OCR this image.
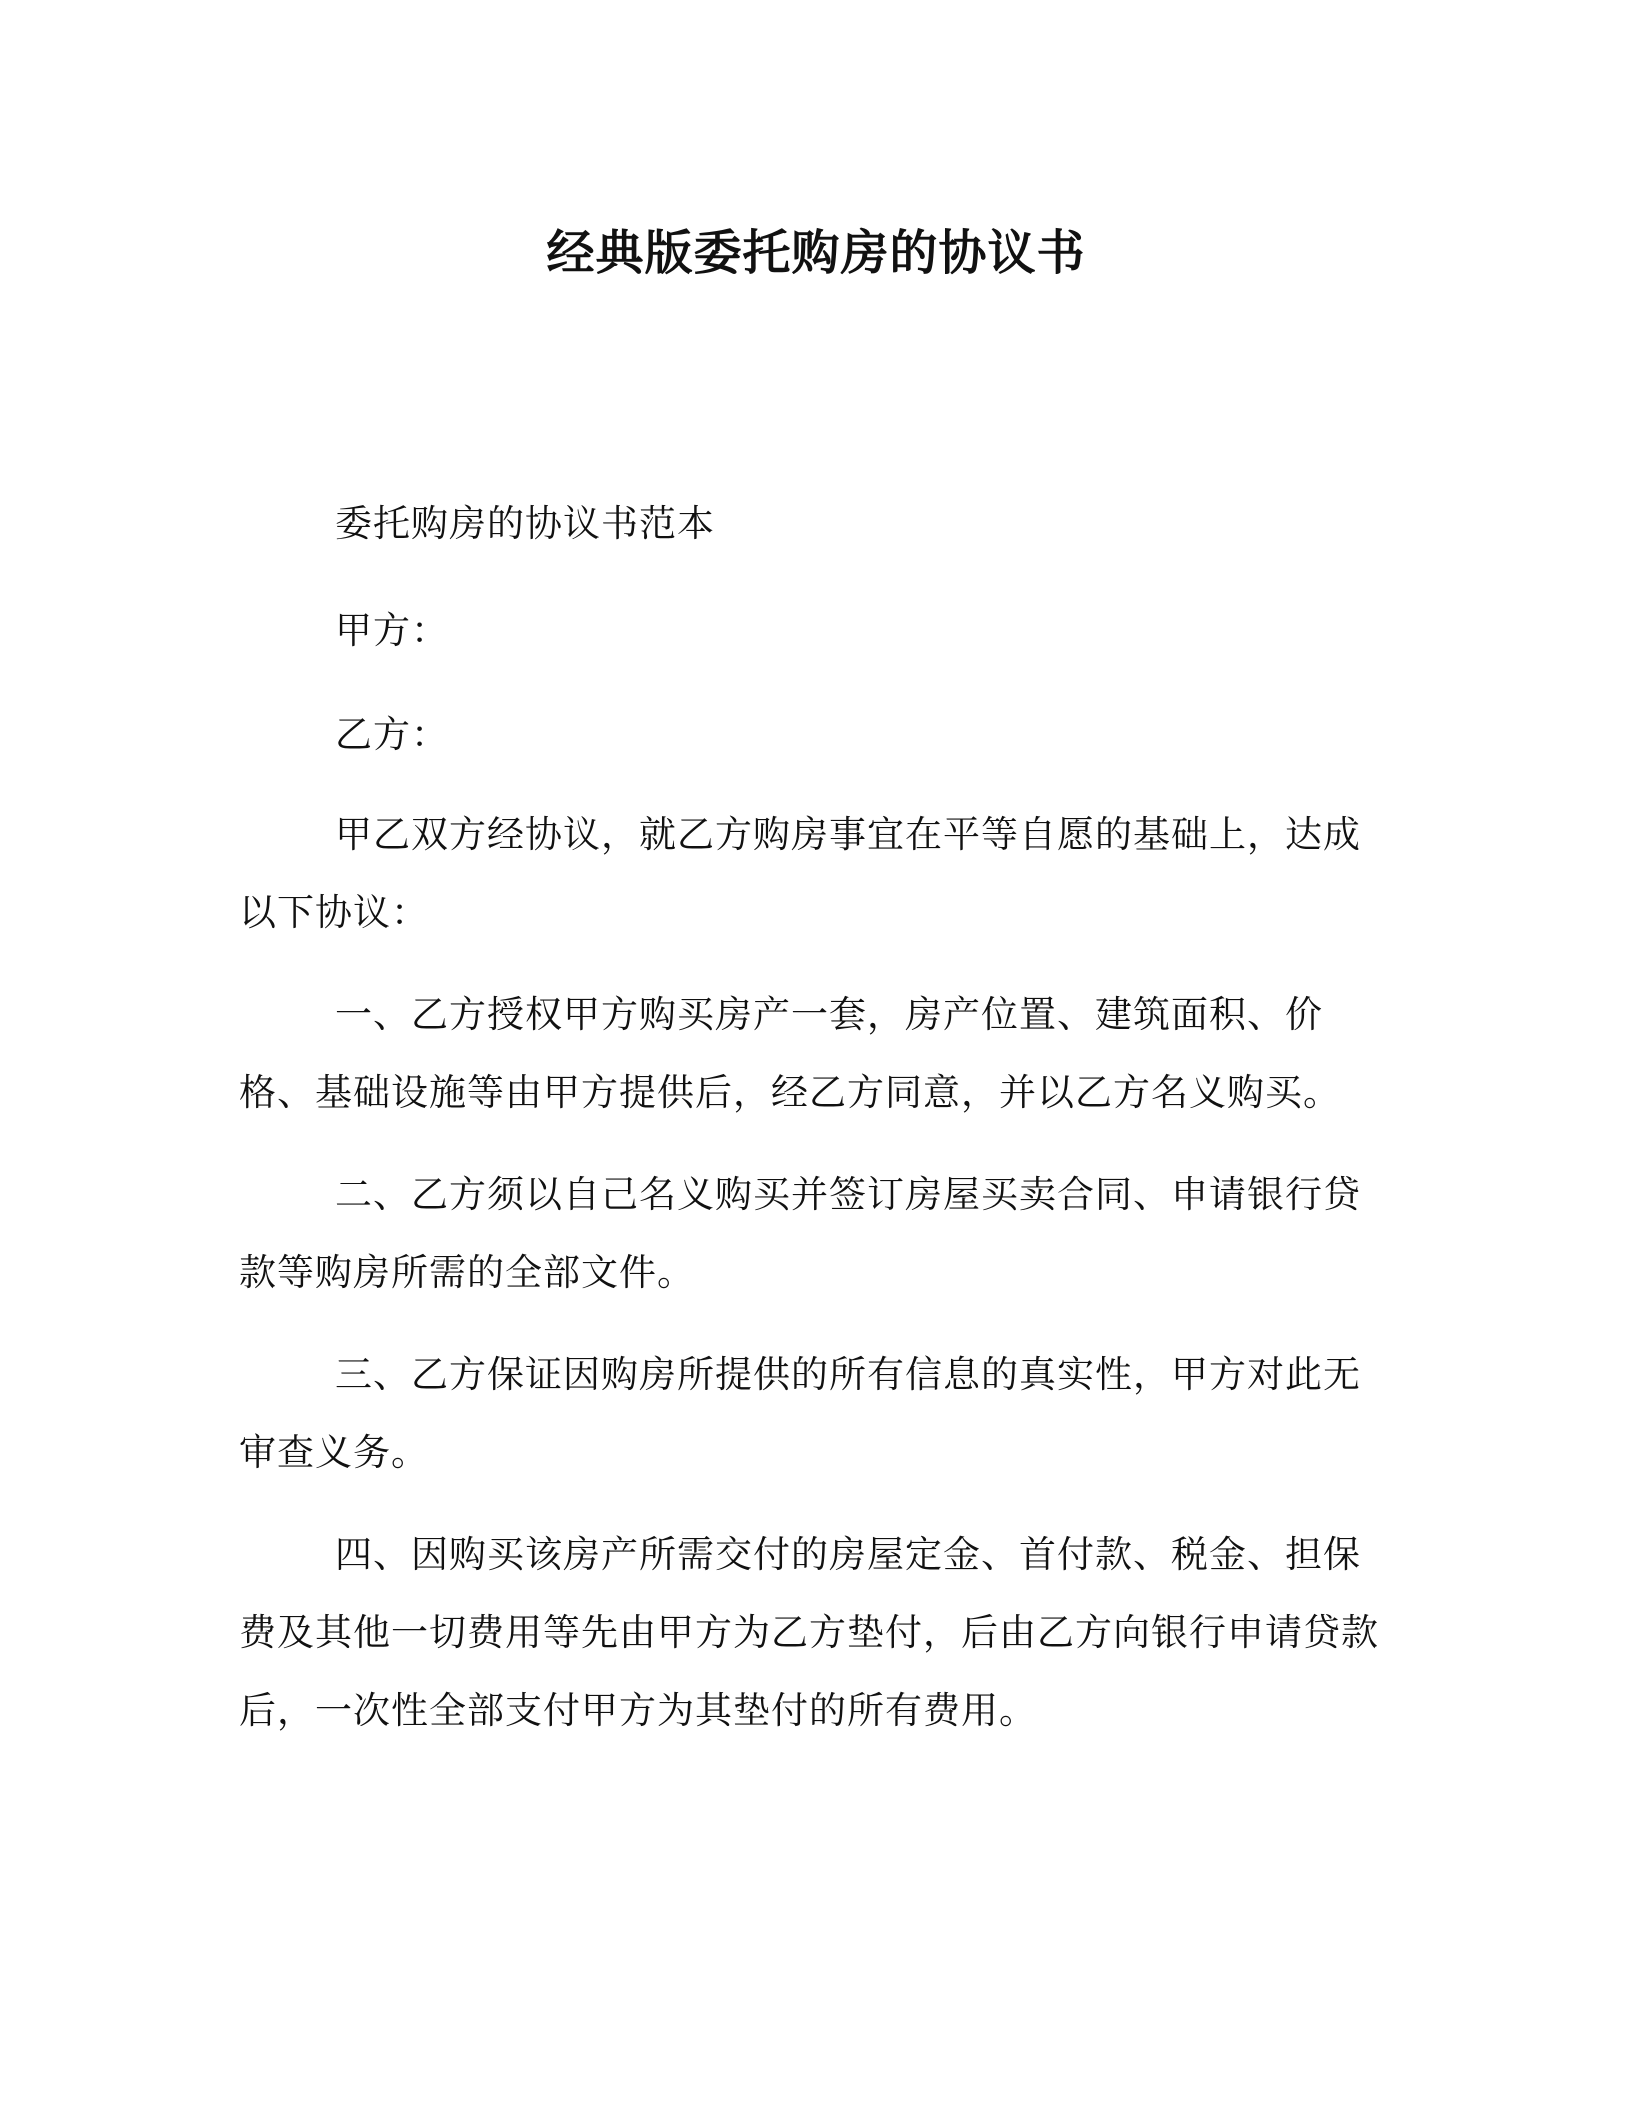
经典版委托购房的协议书

委托购房的协议书范本

甲方：

乙方：

甲乙双方经协议，就乙方购房事宜在平等自愿的基础上，达成以下协议：

一、乙方授权甲方购买房产一套，房产位置、建筑面积、价格、基础设施等由甲方提供后，经乙方同意，并以乙方名义购买。

二、乙方须以自己名义购买并签订房屋买卖合同、申请银行贷款等购房所需的全部文件。

三、乙方保证因购房所提供的所有信息的真实性，甲方对此无审查义务。

四、因购买该房产所需交付的房屋定金、首付款、税金、担保费及其他一切费用等先由甲方为乙方垫付，后由乙方向银行申请贷款后，一次性全部支付甲方为其垫付的所有费用。
